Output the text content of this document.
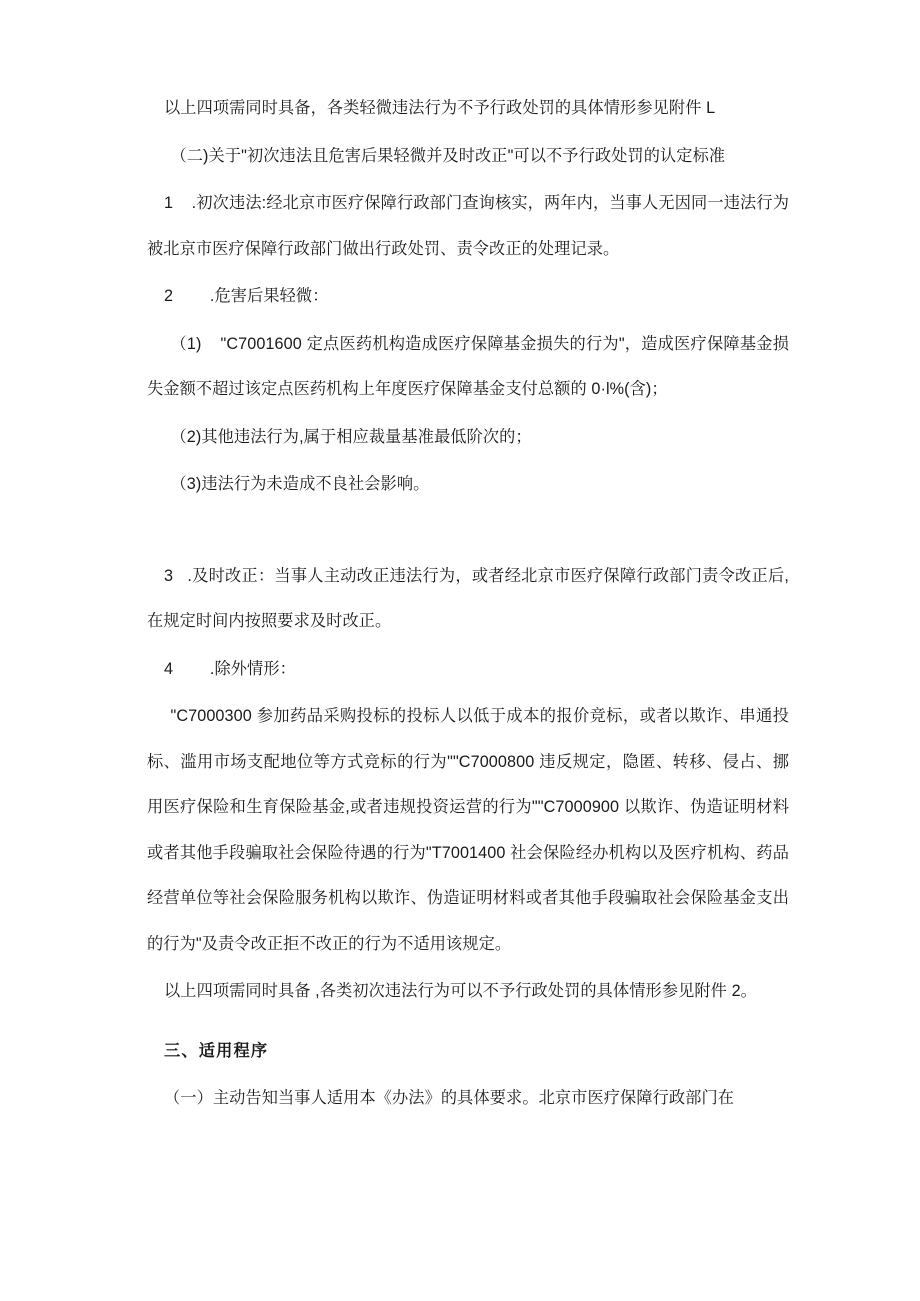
以上四项需同时具备，各类轻微违法行为不予行政处罚的具体情形参见附件 L

（二)关于"初次违法且危害后果轻微并及时改正"可以不予行政处罚的认定标准

1    .初次违法:经北京市医疗保障行政部门查询核实，两年内，当事人无因同一违法行为被北京市医疗保障行政部门做出行政处罚、责令改正的处理记录。

2        .危害后果轻微：

（1)    "C7001600 定点医药机构造成医疗保障基金损失的行为"，造成医疗保障基金损失金额不超过该定点医药机构上年度医疗保障基金支付总额的 0·l%(含)；

（2)其他违法行为,属于相应裁量基准最低阶次的；

（3)违法行为未造成不良社会影响。

3   .及时改正：当事人主动改正违法行为，或者经北京市医疗保障行政部门责令改正后,在规定时间内按照要求及时改正。

4        .除外情形：

"C7000300 参加药品采购投标的投标人以低于成本的报价竞标，或者以欺诈、串通投标、滥用市场支配地位等方式竞标的行为""C7000800 违反规定，隐匿、转移、侵占、挪用医疗保险和生育保险基金,或者违规投资运营的行为""C7000900 以欺诈、伪造证明材料或者其他手段骗取社会保险待遇的行为"T7001400 社会保险经办机构以及医疗机构、药品经营单位等社会保险服务机构以欺诈、伪造证明材料或者其他手段骗取社会保险基金支出的行为"及责令改正拒不改正的行为不适用该规定。

以上四项需同时具备 ,各类初次违法行为可以不予行政处罚的具体情形参见附件 2。

三、适用程序

（一）主动告知当事人适用本《办法》的具体要求。北京市医疗保障行政部门在
